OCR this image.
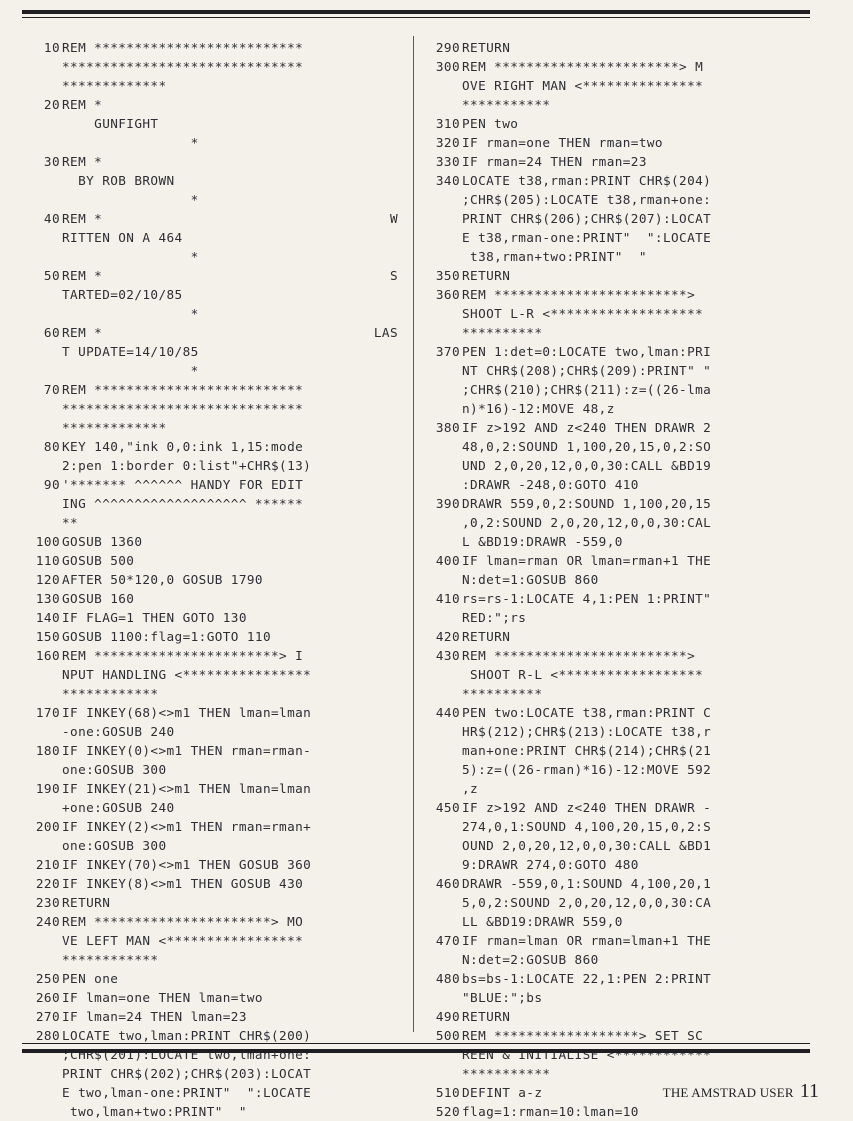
10 REM **************************
******************************
*************
20 REM *
GUNFIGHT
*
30 REM *
BY ROB BROWN
*
40 REM *	W
RITTEN ON A 464
*
50 REM *	S
TARTED=02/10/85
*
60 REM *	LAS
T UPDATE=14/10/85
*
70 REM **************************
******************************
*************
80 KEY 140,"ink 0,0:ink 1,15:mode
2:pen 1:border 0:list"+CHR$(13)
90 '******* ^^^^^^ HANDY FOR EDIT
ING ^^^^^^^^^^^^^^^^^^^ ******
**
100 GOSUB 1360
110 GOSUB 500
120 AFTER 50*120,0 GOSUB 1790
130 GOSUB 160
140 IF FLAG=1 THEN GOTO 130
150 GOSUB 1100:flag=1:GOTO 110
160 REM ***********************> I
NPUT HANDLING <****************
************
170 IF INKEY(68)<>m1 THEN lman=lman
-one:GOSUB 240
180 IF INKEY(0)<>m1 THEN rman=rman-
one:GOSUB 300
190 IF INKEY(21)<>m1 THEN lman=lman
+one:GOSUB 240
200 IF INKEY(2)<>m1 THEN rman=rman+
one:GOSUB 300
210 IF INKEY(70)<>m1 THEN GOSUB 360
220 IF INKEY(8)<>m1 THEN GOSUB 430
230 RETURN
240 REM **********************> MO
VE LEFT MAN <*****************
************
250 PEN one
260 IF lman=one THEN lman=two
270 IF lman=24 THEN lman=23
280 LOCATE two,lman:PRINT CHR$(200)
;CHR$(201):LOCATE two,lman+one:
PRINT CHR$(202);CHR$(203):LOCAT
E two,lman-one:PRINT"  ":LOCATE
two,lman+two:PRINT"  "
290 RETURN
300 REM ***********************> M
OVE RIGHT MAN <***************
***********
310 PEN two
320 IF rman=one THEN rman=two
330 IF rman=24 THEN rman=23
340 LOCATE t38,rman:PRINT CHR$(204)
;CHR$(205):LOCATE t38,rman+one:
PRINT CHR$(206);CHR$(207):LOCAT
E t38,rman-one:PRINT"  ":LOCATE
t38,rman+two:PRINT"  "
350 RETURN
360 REM ************************>
SHOOT L-R <*******************
**********
370 PEN 1:det=0:LOCATE two,lman:PRI
NT CHR$(208);CHR$(209):PRINT" "
;CHR$(210);CHR$(211):z=((26-lma
n)*16)-12:MOVE 48,z
380 IF z>192 AND z<240 THEN DRAWR 2
48,0,2:SOUND 1,100,20,15,0,2:SO
UND 2,0,20,12,0,0,30:CALL &BD19
:DRAWR -248,0:GOTO 410
390 DRAWR 559,0,2:SOUND 1,100,20,15
,0,2:SOUND 2,0,20,12,0,0,30:CAL
L &BD19:DRAWR -559,0
400 IF lman=rman OR lman=rman+1 THE
N:det=1:GOSUB 860
410 rs=rs-1:LOCATE 4,1:PEN 1:PRINT"
RED:";rs
420 RETURN
430 REM ************************>
SHOOT R-L <******************
**********
440 PEN two:LOCATE t38,rman:PRINT C
HR$(212);CHR$(213):LOCATE t38,r
man+one:PRINT CHR$(214);CHR$(21
5):z=((26-rman)*16)-12:MOVE 592
,z
450 IF z>192 AND z<240 THEN DRAWR -
274,0,1:SOUND 4,100,20,15,0,2:S
OUND 2,0,20,12,0,0,30:CALL &BD1
9:DRAWR 274,0:GOTO 480
460 DRAWR -559,0,1:SOUND 4,100,20,1
5,0,2:SOUND 2,0,20,12,0,0,30:CA
LL &BD19:DRAWR 559,0
470 IF rman=lman OR rman=lman+1 THE
N:det=2:GOSUB 860
480 bs=bs-1:LOCATE 22,1:PEN 2:PRINT
"BLUE:";bs
490 RETURN
500 REM ******************> SET SC
REEN & INITIALISE <************
***********
510 DEFINT a-z
520 flag=1:rman=10:lman=10
THE AMSTRAD USER 11
